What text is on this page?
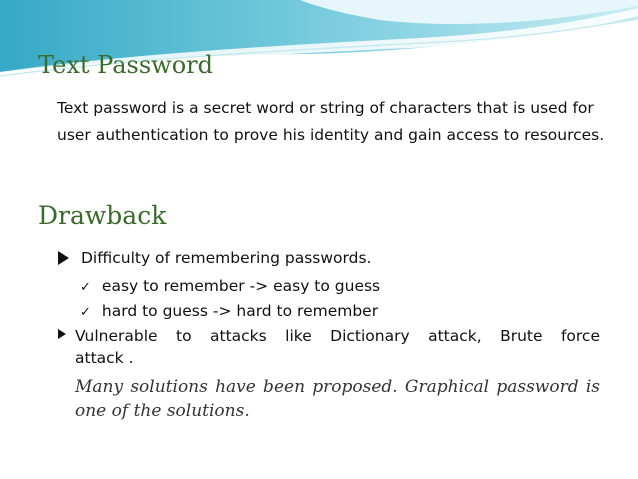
Text Password

Text password is a secret word or string of characters that is used for user authentication to prove his identity and gain access to resources.

Drawback
Difficulty of remembering passwords.
✓ easy to remember -> easy to guess
✓ hard to guess -> hard to remember
Vulnerable to attacks like Dictionary attack, Brute force
attack .

Many solutions have been proposed. Graphical password is
one of the solutions.
